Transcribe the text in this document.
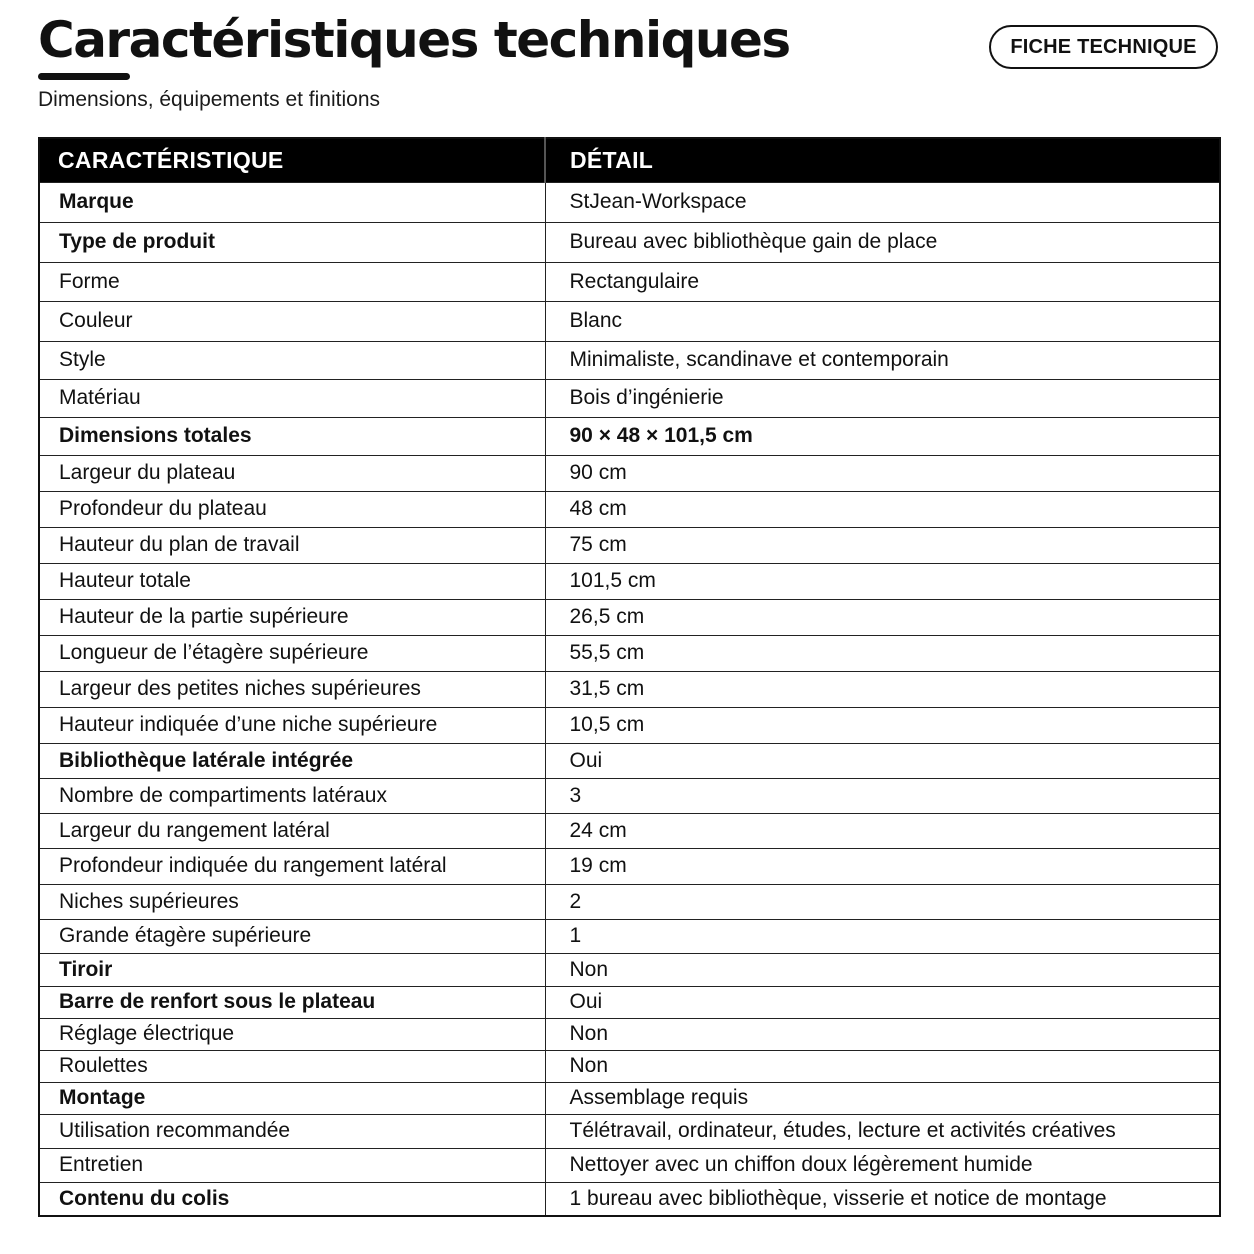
Caractéristiques techniques

Dimensions, équipements et finitions

FICHE TECHNIQUE
CARACTÉRISTIQUE	DÉTAIL
Marque	StJean-Workspace
Type de produit	Bureau avec bibliothèque gain de place
Forme	Rectangulaire
Couleur	Blanc
Style	Minimaliste, scandinave et contemporain
Matériau	Bois d’ingénierie
Dimensions totales	90 × 48 × 101,5 cm
Largeur du plateau	90 cm
Profondeur du plateau	48 cm
Hauteur du plan de travail	75 cm
Hauteur totale	101,5 cm
Hauteur de la partie supérieure	26,5 cm
Longueur de l’étagère supérieure	55,5 cm
Largeur des petites niches supérieures	31,5 cm
Hauteur indiquée d’une niche supérieure	10,5 cm
Bibliothèque latérale intégrée	Oui
Nombre de compartiments latéraux	3
Largeur du rangement latéral	24 cm
Profondeur indiquée du rangement latéral	19 cm
Niches supérieures	2
Grande étagère supérieure	1
Tiroir	Non
Barre de renfort sous le plateau	Oui
Réglage électrique	Non
Roulettes	Non
Montage	Assemblage requis
Utilisation recommandée	Télétravail, ordinateur, études, lecture et activités créatives
Entretien	Nettoyer avec un chiffon doux légèrement humide
Contenu du colis	1 bureau avec bibliothèque, visserie et notice de montage
